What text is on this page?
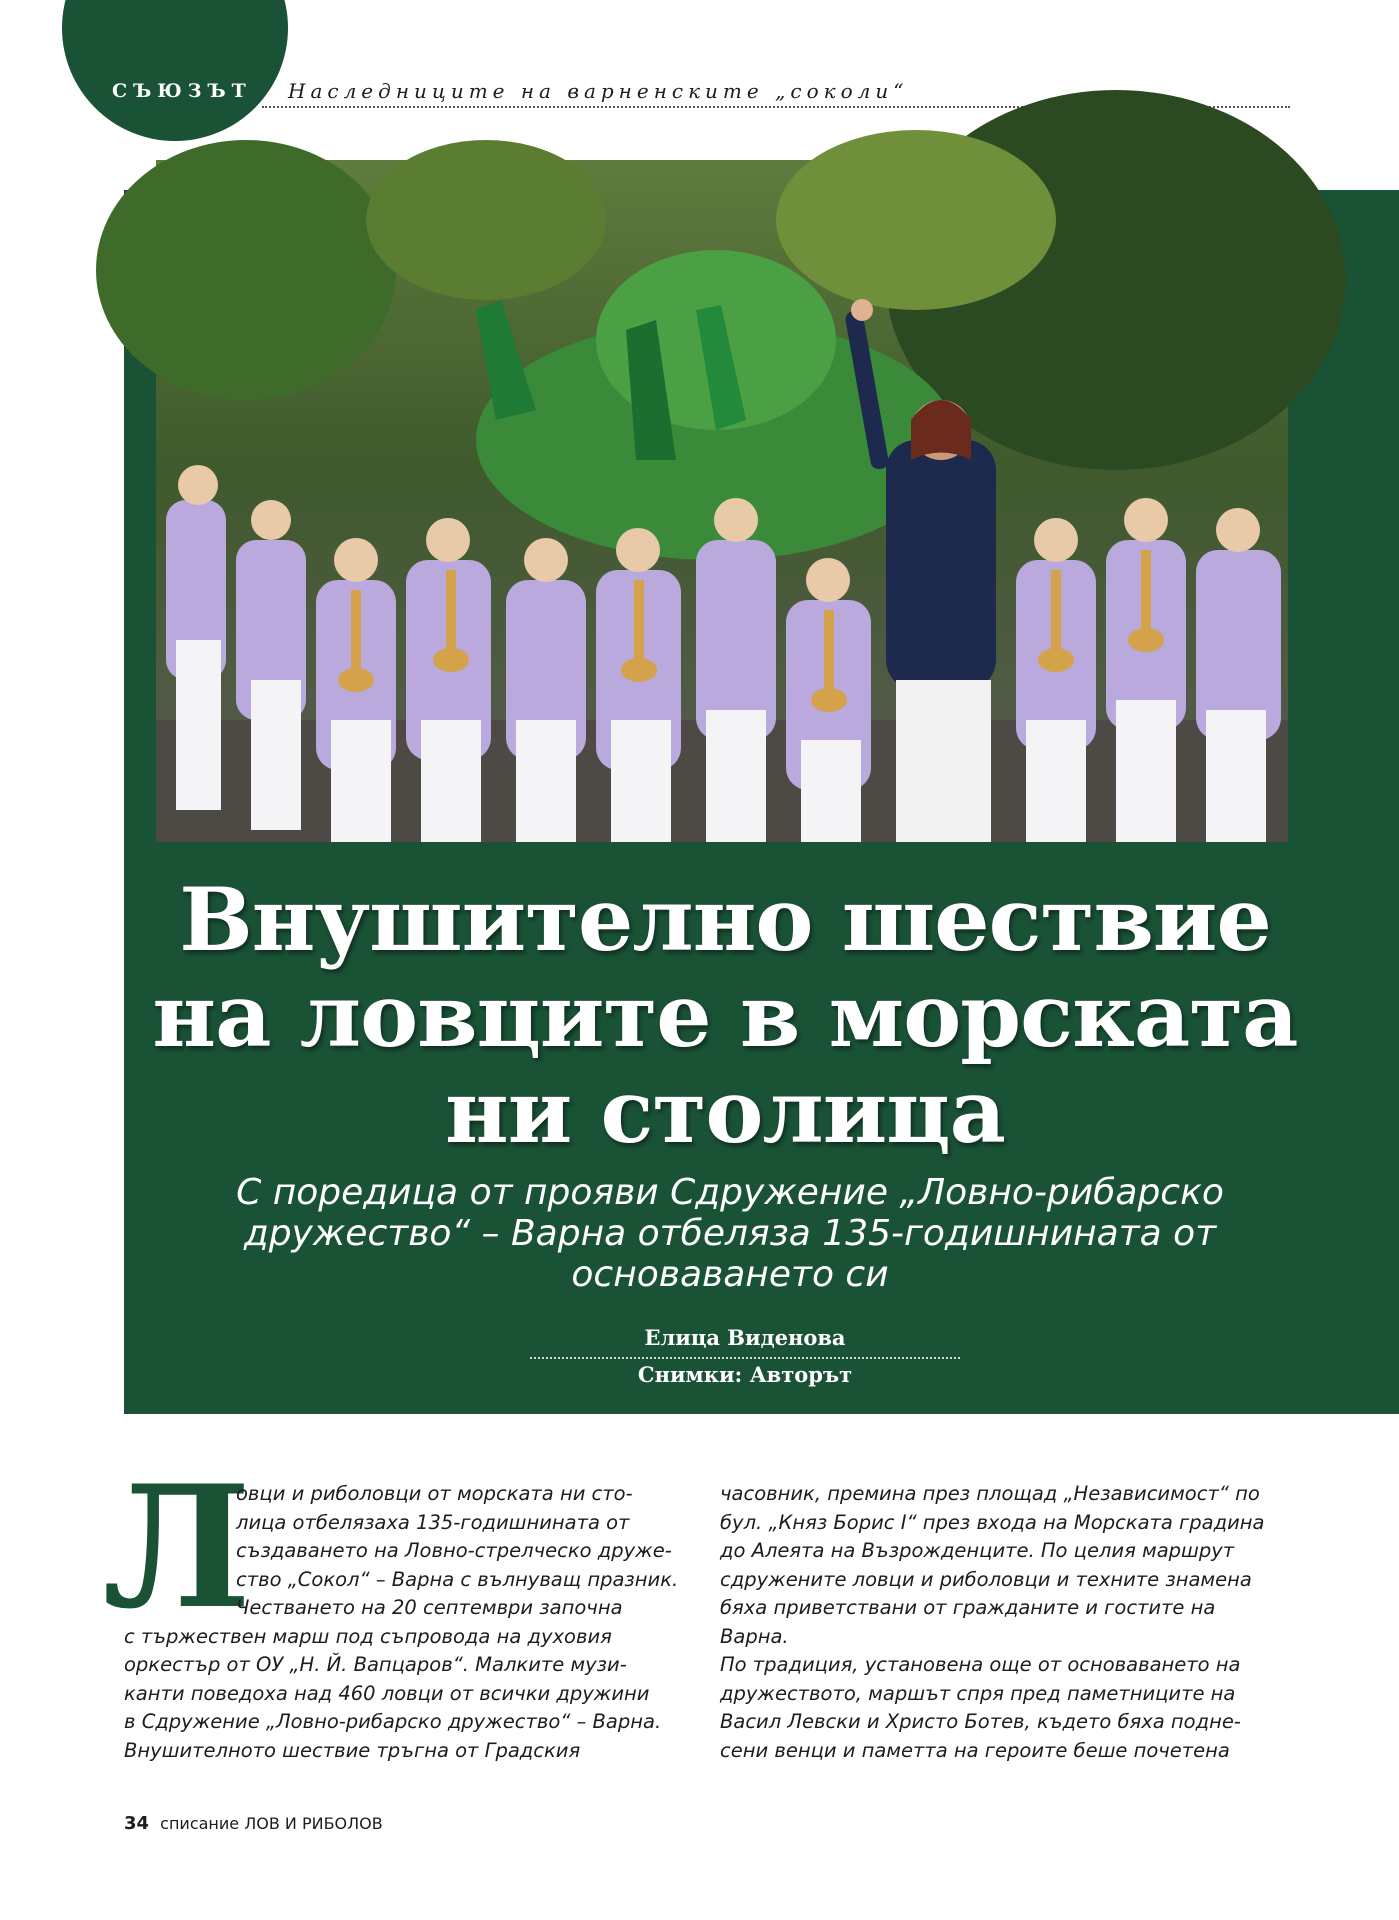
СЪЮЗЪТ Наследниците на варненските „соколи“
Внушително шествие
на ловците в морската
ни столица
С поредица от прояви Сдружение „Ловно-рибарско
дружество“ – Варна отбеляза 135-годишнината от
основаването си
Елица Виденова
Снимки: Авторът
Л

овци и риболовци от морската ни сто-

лица отбелязаха 135-годишнината от

създаването на Ловно-стрелческо друже-

ство „Сокол“ – Варна с вълнуващ празник.

Честването на 20 септември започна

с тържествен марш под съпровода на духовия

оркестър от ОУ „Н. Й. Вапцаров“. Малките музи-

канти поведоха над 460 ловци от всички дружини

в Сдружение „Ловно-рибарско дружество“ – Варна.

Внушителното шествие тръгна от Градския

часовник, премина през площад „Независимост“ по

бул. „Княз Борис I“ през входа на Морската градина

до Алеята на Възрожденците. По целия маршрут

сдружените ловци и риболовци и техните знамена

бяха приветствани от гражданите и гостите на

Варна.

По традиция, установена още от основаването на

дружеството, маршът спря пред паметниците на

Васил Левски и Христо Ботев, където бяха подне-

сени венци и паметта на героите беше почетена

34 списание ЛОВ И РИБОЛОВ
